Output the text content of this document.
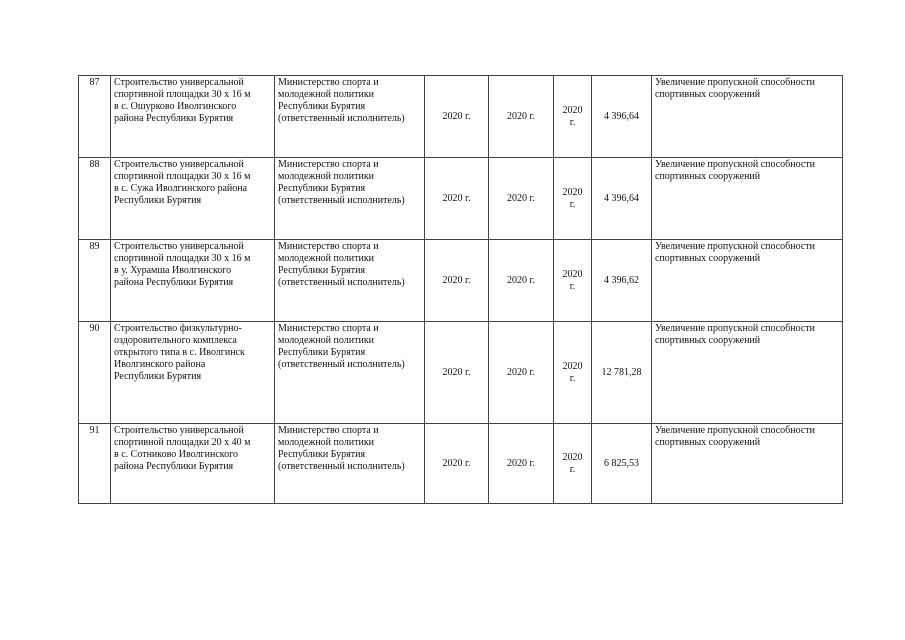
87	Строительство универсальной
спортивной площадки 30 х 16 м
в с. Ошурково Иволгинского
района Республики Бурятия	Министерство спорта и
молодежной политики
Республики Бурятия
(ответственный исполнитель)	2020 г.	2020 г.	2020
г.	4 396,64	Увеличение пропускной способности
спортивных сооружений
88	Строительство универсальной
спортивной площадки 30 х 16 м
в с. Сужа Иволгинского района
Республики Бурятия	Министерство спорта и
молодежной политики
Республики Бурятия
(ответственный исполнитель)	2020 г.	2020 г.	2020
г.	4 396,64	Увеличение пропускной способности
спортивных сооружений
89	Строительство универсальной
спортивной площадки 30 х 16 м
в у. Хурамша Иволгинского
района Республики Бурятия	Министерство спорта и
молодежной политики
Республики Бурятия
(ответственный исполнитель)	2020 г.	2020 г.	2020
г.	4 396,62	Увеличение пропускной способности
спортивных сооружений
90	Строительство физкультурно-
оздоровительного комплекса
открытого типа в с. Иволгинск
Иволгинского района
Республики Бурятия	Министерство спорта и
молодежной политики
Республики Бурятия
(ответственный исполнитель)	2020 г.	2020 г.	2020
г.	12 781,28	Увеличение пропускной способности
спортивных сооружений
91	Строительство универсальной
спортивной площадки 20 х 40 м
в с. Сотниково Иволгинского
района Республики Бурятия	Министерство спорта и
молодежной политики
Республики Бурятия
(ответственный исполнитель)	2020 г.	2020 г.	2020
г.	6 825,53	Увеличение пропускной способности
спортивных сооружений
